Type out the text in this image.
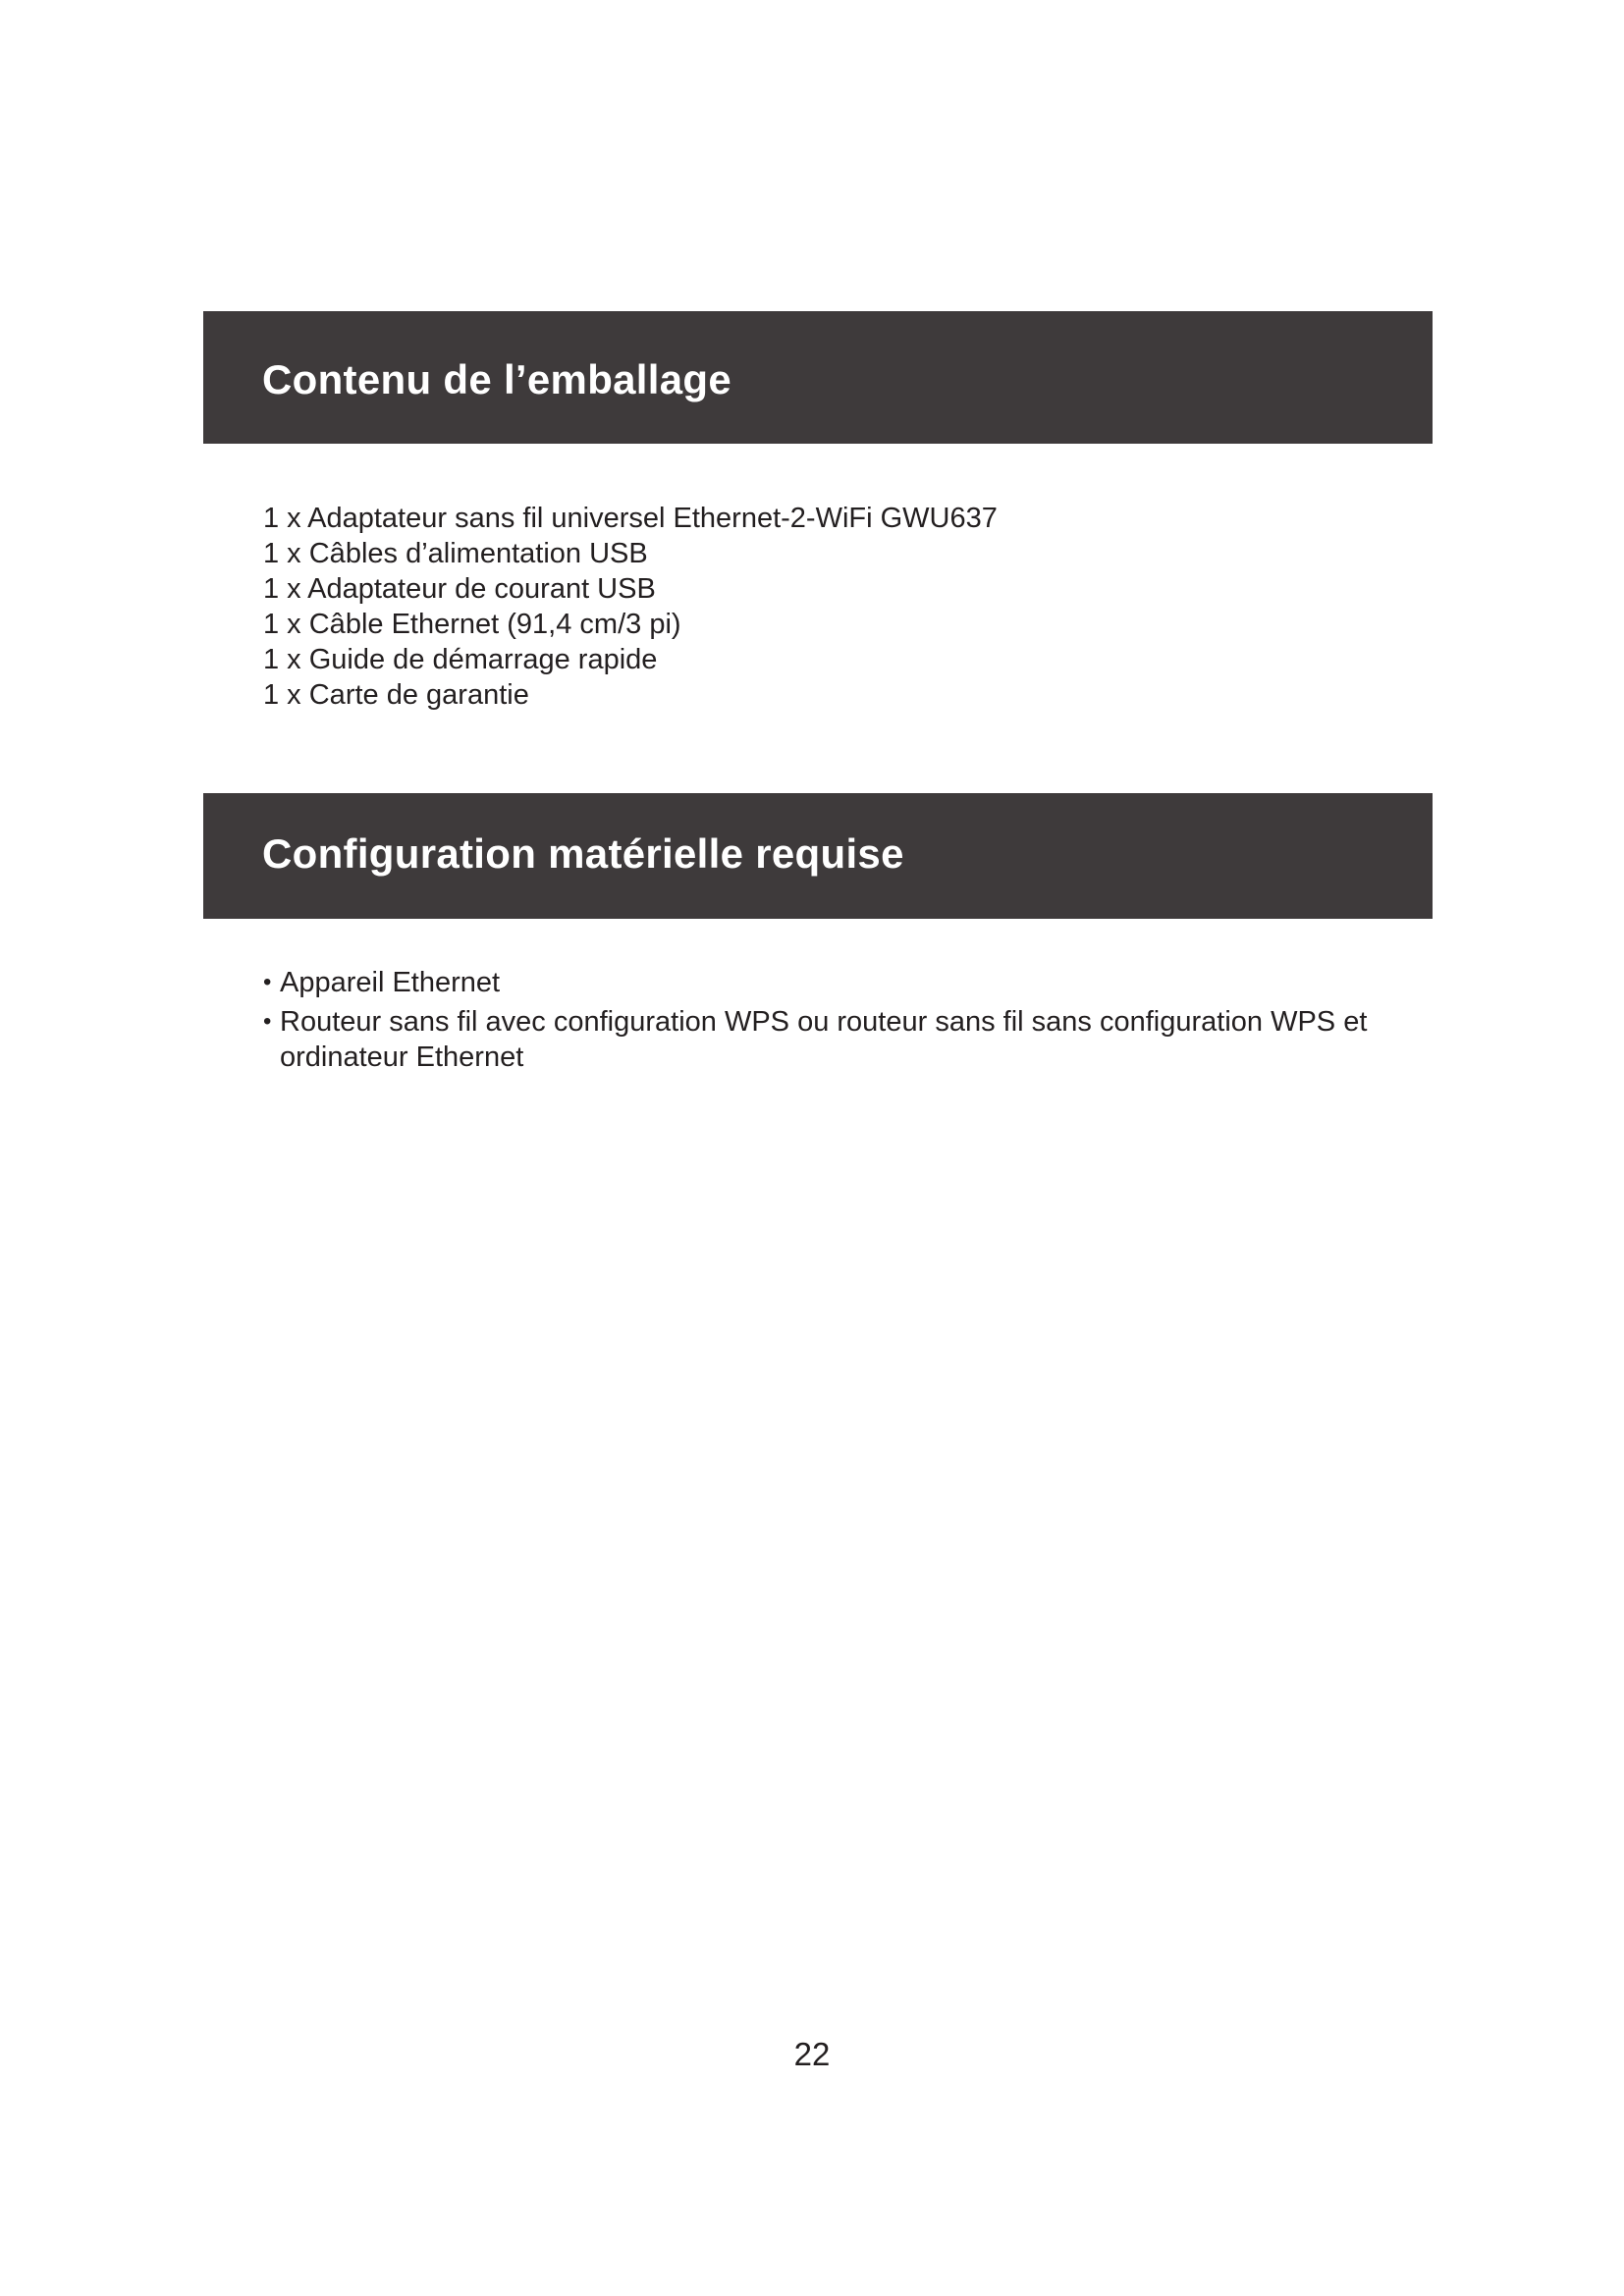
Contenu de l’emballage
1 x Adaptateur sans fil universel Ethernet-2-WiFi GWU637
1 x Câbles d’alimentation USB
1 x Adaptateur de courant USB
1 x Câble Ethernet (91,4 cm/3 pi)
1 x Guide de démarrage rapide
1 x Carte de garantie
Configuration matérielle requise
• Appareil Ethernet
• Routeur sans fil avec configuration WPS ou routeur sans fil sans configuration WPS et ordinateur Ethernet
22
